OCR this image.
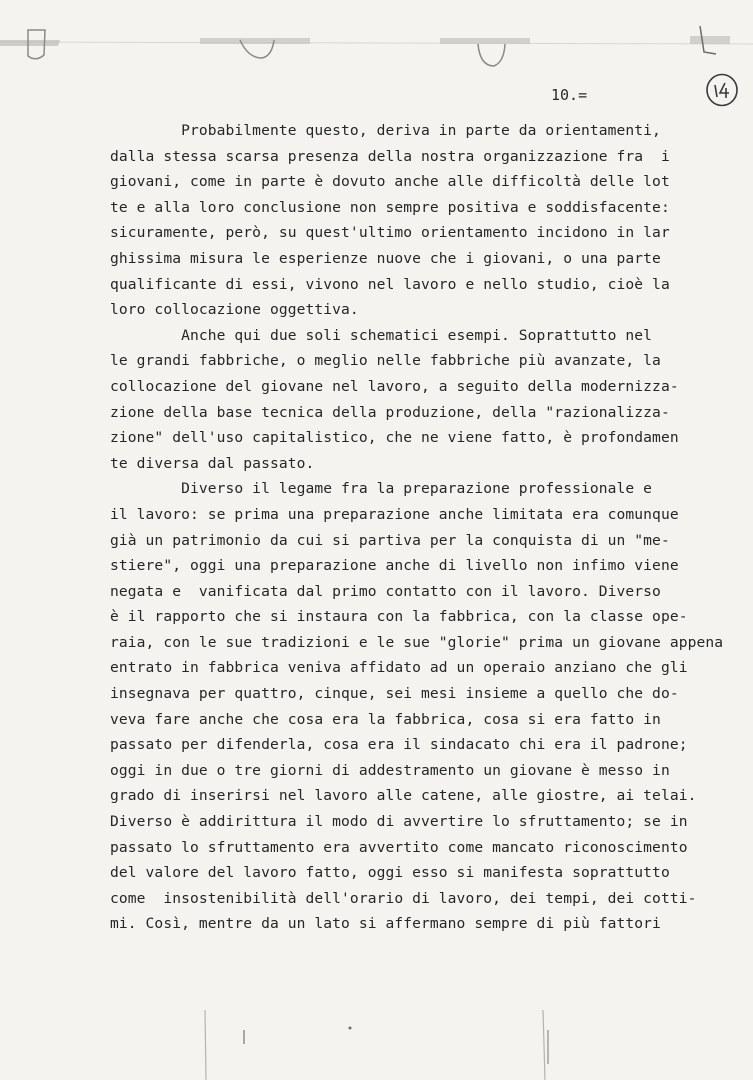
10.=
Probabilmente questo, deriva in parte da orientamenti,
dalla stessa scarsa presenza della nostra organizzazione fra  i
giovani, come in parte è dovuto anche alle difficoltà delle lot
te e alla loro conclusione non sempre positiva e soddisfacente:
sicuramente, però, su quest'ultimo orientamento incidono in lar
ghissima misura le esperienze nuove che i giovani, o una parte
qualificante di essi, vivono nel lavoro e nello studio, cioè la
loro collocazione oggettiva.
Anche qui due soli schematici esempi. Soprattutto nel
le grandi fabbriche, o meglio nelle fabbriche più avanzate, la
collocazione del giovane nel lavoro, a seguito della modernizza-
zione della base tecnica della produzione, della "razionalizza-
zione" dell'uso capitalistico, che ne viene fatto, è profondamen
te diversa dal passato.
Diverso il legame fra la preparazione professionale e
il lavoro: se prima una preparazione anche limitata era comunque
già un patrimonio da cui si partiva per la conquista di un "me-
stiere", oggi una preparazione anche di livello non infimo viene
negata e  vanificata dal primo contatto con il lavoro. Diverso
è il rapporto che si instaura con la fabbrica, con la classe ope-
raia, con le sue tradizioni e le sue "glorie" prima un giovane appena
entrato in fabbrica veniva affidato ad un operaio anziano che gli
insegnava per quattro, cinque, sei mesi insieme a quello che do-
veva fare anche che cosa era la fabbrica, cosa si era fatto in
passato per difenderla, cosa era il sindacato chi era il padrone;
oggi in due o tre giorni di addestramento un giovane è messo in
grado di inserirsi nel lavoro alle catene, alle giostre, ai telai.
Diverso è addirittura il modo di avvertire lo sfruttamento; se in
passato lo sfruttamento era avvertito come mancato riconoscimento
del valore del lavoro fatto, oggi esso si manifesta soprattutto
come  insostenibilità dell'orario di lavoro, dei tempi, dei cotti-
mi. Così, mentre da un lato si affermano sempre di più fattori
